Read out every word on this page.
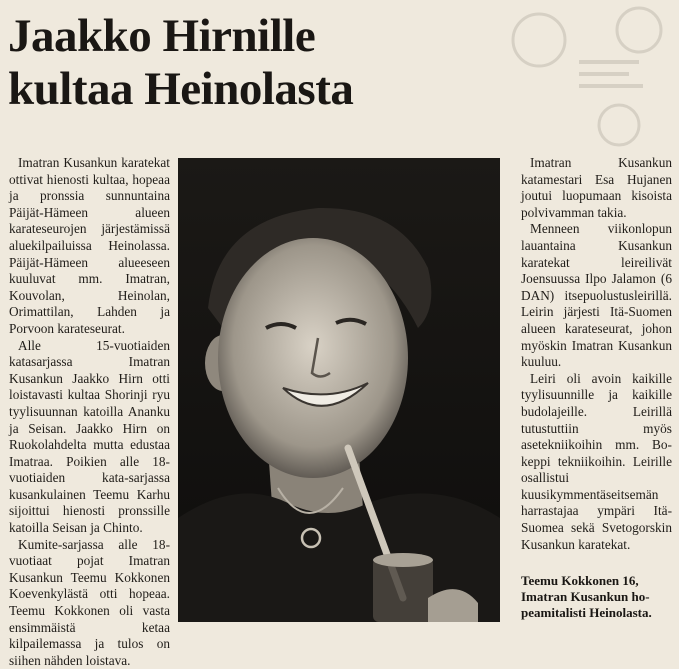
Jaakko Hirnille
kultaa Heinolasta

Imatran Kusankun karatekat ottivat hienosti kultaa, hopeaa ja pronssia sunnuntaina Päijät-Hämeen alueen karateseurojen järjestämissä aluekilpailuissa Heinolassa. Päijät-Hämeen alueeseen kuuluvat mm. Imatran, Kouvolan, Heinolan, Orimattilan, Lahden ja Porvoon karateseurat.

Alle 15-vuotiaiden katasarjassa Imatran Kusankun Jaakko Hirn otti loistavasti kultaa Shorinji ryu tyylisuunnan katoilla Ananku ja Seisan. Jaakko Hirn on Ruokolahdelta mutta edustaa Imatraa. Poikien alle 18-vuotiaiden kata-sarjassa kusankulainen Teemu Karhu sijoittui hienosti pronssille katoilla Seisan ja Chinto.

Kumite-sarjassa alle 18-vuotiaat pojat Imatran Kusankun Teemu Kokkonen Koevenkylästä otti hopeaa. Teemu Kokkonen oli vasta ensimmäistä ketaa kilpailemassa ja tulos on siihen nähden loistava.

Imatran Kusankun katamestari Esa Hujanen joutui luopumaan kisoista polvivamman takia.

Menneen viikonlopun lauantaina Kusankun karatekat leireilivät Joensuussa Ilpo Jalamon (6 DAN) itsepuolustusleirillä. Leirin järjesti Itä-Suomen alueen karateseurat, johon myöskin Imatran Kusankun kuuluu.

Leiri oli avoin kaikille tyylisuunnille ja kaikille budolajeille. Leirillä tutustuttiin myös asetekniikoihin mm. Bo-keppi tekniikoihin. Leirille osallistui kuusikymmentäseitsemän harrastajaa ympäri Itä-Suomea sekä Svetogorskin Kusankun karatekat.

Teemu Kokkonen 16,
Imatran Kusankun ho-
peamitalisti Heinolasta.
